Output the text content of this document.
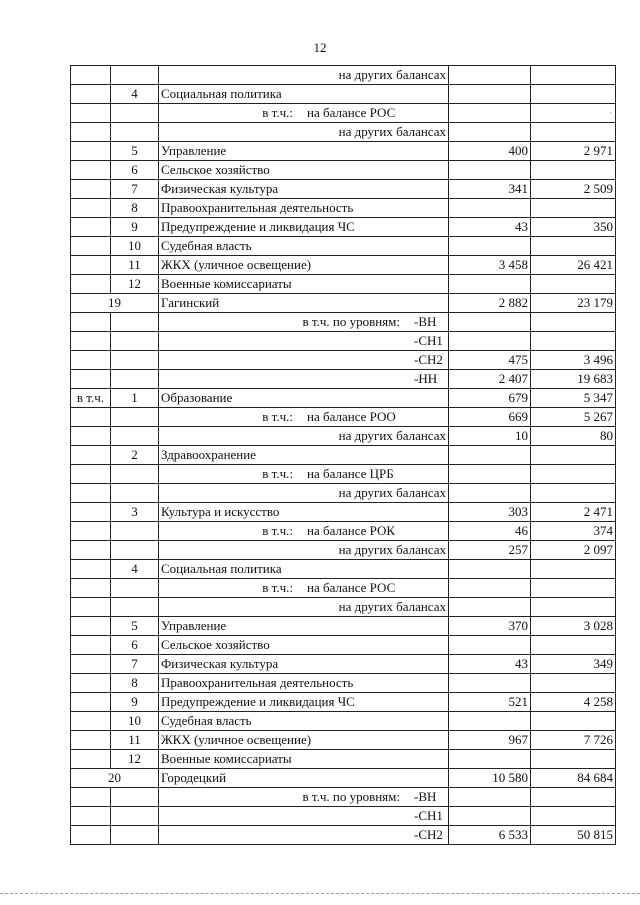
12
		на других балансах		
	4	Социальная политика		

		в т.ч.: на балансе РОС		·
		на других балансах		
	5	Управление	400	2 971
	6	Сельское хозяйство		
	7	Физическая культура	341	2 509
	8	Правоохранительная деятельность		
	9	Предупреждение и ликвидация ЧС	43	350
	10	Судебная власть		
	11	ЖКХ (уличное освещение)	3 458	26 421
	12	Военные комиссариаты		
19		Гагинский	2 882	23 179

		в т.ч. по уровням: -ВН		

		-СН1		

		-СН2	475	3 496

		-НН	2 407	19 683
в т.ч.	1	Образование	679	5 347

		в т.ч.: на балансе РОО	669	5 267
		на других балансах	10	80
	2	Здравоохранение		

		в т.ч.: на балансе ЦРБ		

		на других балансах		
	3	Культура и искусство	303	2 471

		в т.ч.: на балансе РОК	46	374
		на других балансах	257	2 097
	4	Социальная политика		

		в т.ч.: на балансе РОС		

		на других балансах		
	5	Управление	370	3 028
	6	Сельское хозяйство		
	7	Физическая культура	43	349
	8	Правоохранительная деятельность		
	9	Предупреждение и ликвидация ЧС	521	4 258
	10	Судебная власть		
	11	ЖКХ (уличное освещение)	967	7 726
	12	Военные комиссариаты		
20		Городецкий	10 580	84 684

		в т.ч. по уровням: -ВН		

		-СН1		

		-СН2	6 533	50 815
